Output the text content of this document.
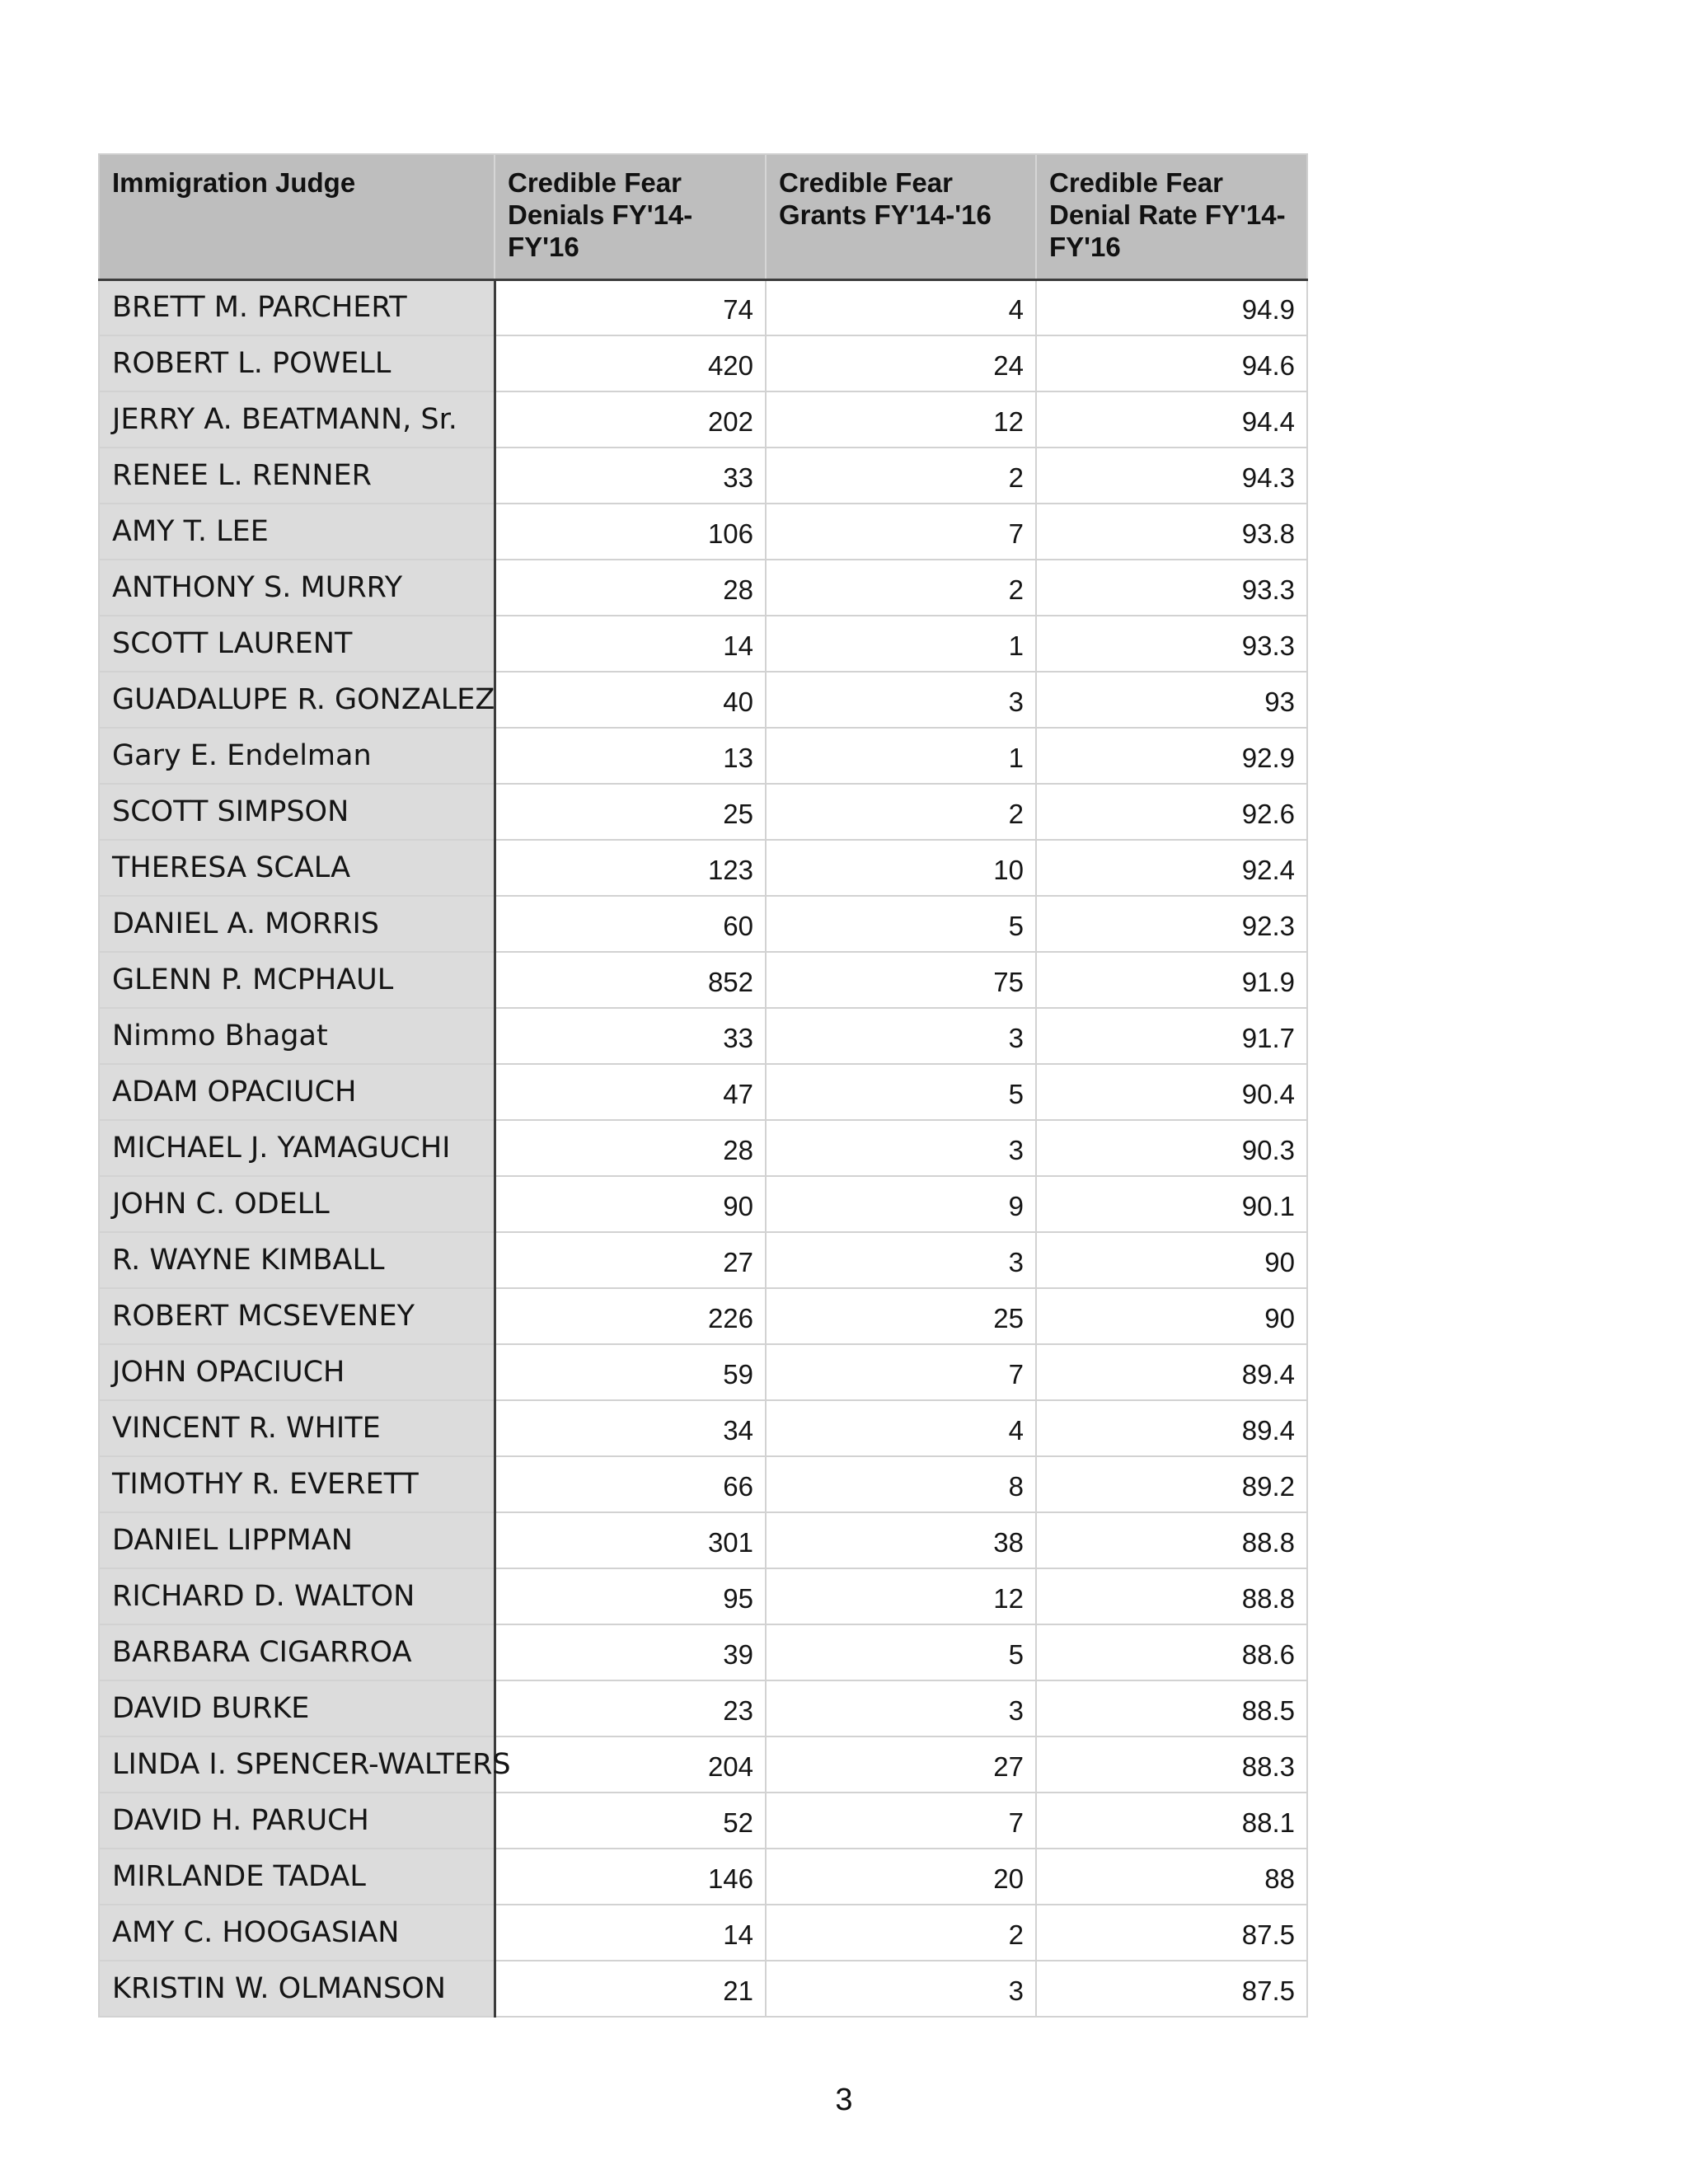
Immigration Judge	Credible Fear Denials FY'14-FY'16	Credible Fear Grants FY'14-'16	Credible Fear Denial Rate FY'14-FY'16
BRETT M. PARCHERT	74	4	94.9
ROBERT L. POWELL	420	24	94.6
JERRY A. BEATMANN, Sr.	202	12	94.4
RENEE L. RENNER	33	2	94.3
AMY T. LEE	106	7	93.8
ANTHONY S. MURRY	28	2	93.3
SCOTT LAURENT	14	1	93.3
GUADALUPE R. GONZALEZ	40	3	93
Gary E. Endelman	13	1	92.9
SCOTT SIMPSON	25	2	92.6
THERESA SCALA	123	10	92.4
DANIEL A. MORRIS	60	5	92.3
GLENN P. MCPHAUL	852	75	91.9
Nimmo Bhagat	33	3	91.7
ADAM OPACIUCH	47	5	90.4
MICHAEL J. YAMAGUCHI	28	3	90.3
JOHN C. ODELL	90	9	90.1
R. WAYNE KIMBALL	27	3	90
ROBERT MCSEVENEY	226	25	90
JOHN OPACIUCH	59	7	89.4
VINCENT R. WHITE	34	4	89.4
TIMOTHY R. EVERETT	66	8	89.2
DANIEL LIPPMAN	301	38	88.8
RICHARD D. WALTON	95	12	88.8
BARBARA CIGARROA	39	5	88.6
DAVID BURKE	23	3	88.5
LINDA I. SPENCER-WALTERS	204	27	88.3
DAVID H. PARUCH	52	7	88.1
MIRLANDE TADAL	146	20	88
AMY C. HOOGASIAN	14	2	87.5
KRISTIN W. OLMANSON	21	3	87.5
3
